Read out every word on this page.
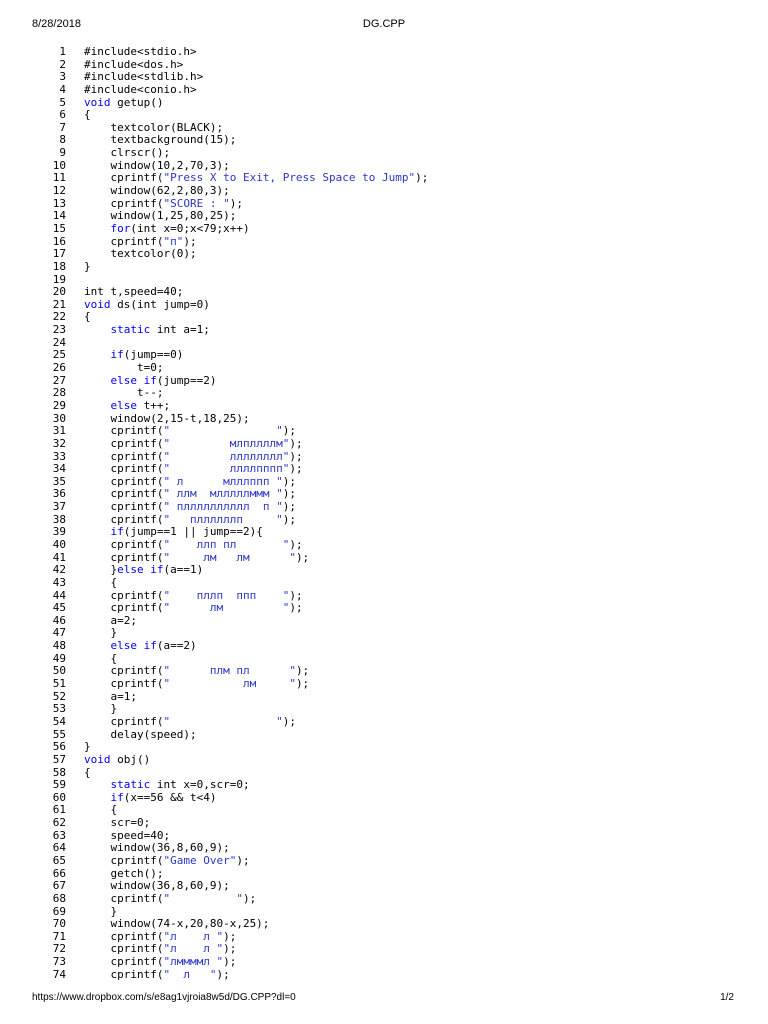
8/28/2018	DG.CPP
1 #include<stdio.h>
2 #include<dos.h>
3 #include<stdlib.h>
4 #include<conio.h>
5 void getup()
6 {
7 textcolor(BLACK);
8 textbackground(15);
9 clrscr();
10 window(10,2,70,3);
11 cprintf("Press X to Exit, Press Space to Jump");
12 window(62,2,80,3);
13 cprintf("SCORE : ");
14 window(1,25,80,25);
15	for(int x=0;x<79;x++)
16 cprintf("п");
17 textcolor(0);
18 }
19
20 int t,speed=40;
21 void ds(int jump=0)
22 {
23	static int a=1;
24
25	if(jump==0)
26 t=0;
27	else if(jump==2)
28 t--;
29	else t++;
30 window(2,15-t,18,25);
31 cprintf("                ");
32 cprintf("         млпллллм");
33 cprintf("         лллллллл");
34 cprintf("         ллллпппп");
35 cprintf(" л      млллппп ");
36 cprintf(" ллм  млллллммм ");
37 cprintf(" плллллллллл  п ");
38 cprintf("   пллллллп     ");
39	if(jump==1 || jump==2){
40 cprintf("    ллп пл       ");
41 cprintf("     лм   лм      ");
42 }else if(a==1)
43 {
44 cprintf("    пллп  ппп    ");
45 cprintf("      лм         ");
46 a=2;
47 }
48	else if(a==2)
49 {
50 cprintf("      плм пл      ");
51 cprintf("           лм     ");
52 a=1;
53 }
54 cprintf("                ");
55 delay(speed);
56 }
57 void obj()
58 {
59	static int x=0,scr=0;
60	if(x==56 && t<4)
61 {
62 scr=0;
63 speed=40;
64 window(36,8,60,9);
65 cprintf("Game Over");
66 getch();
67 window(36,8,60,9);
68 cprintf("          ");
69 }
70 window(74-x,20,80-x,25);
71 cprintf("л    л ");
72 cprintf("л    л ");
73 cprintf("лммммл ");
74 cprintf("  л   ");
https://www.dropbox.com/s/e8ag1vjroia8w5d/DG.CPP?dl=0	1/2
